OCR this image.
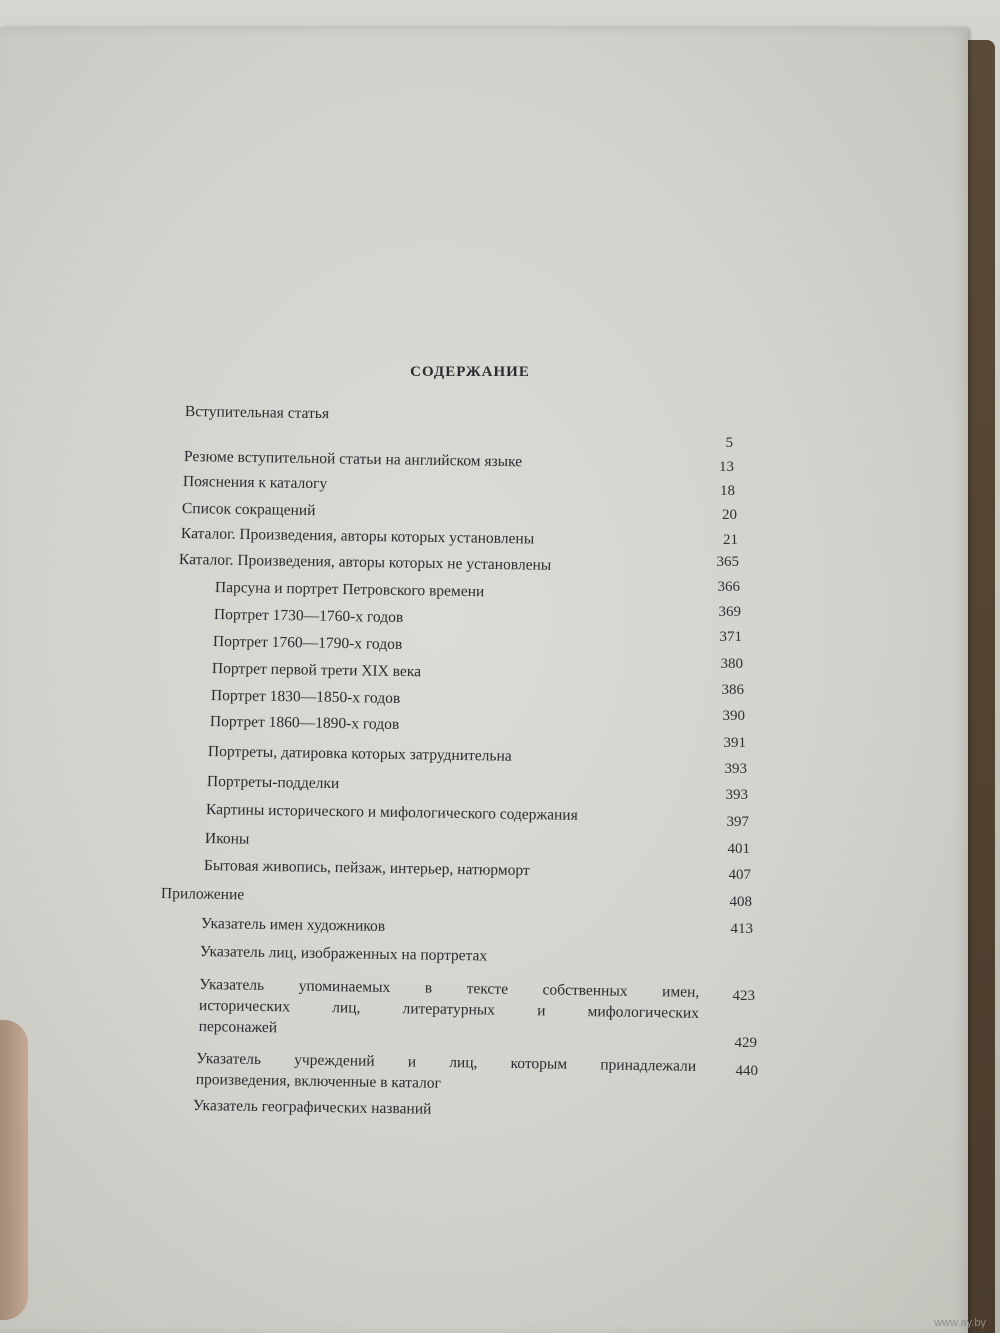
СОДЕРЖАНИЕ
Вступительная статья
Резюме вступительной статьи на английском языке
Пояснения к каталогу
Список сокращений
Каталог. Произведения, авторы которых установлены
Каталог. Произведения, авторы которых не установлены
Парсуна и портрет Петровского времени
Портрет 1730—1760-х годов
Портрет 1760—1790-х годов
Портрет первой трети XIX века
Портрет 1830—1850-х годов
Портрет 1860—1890-х годов
Портреты, датировка которых затруднительна
Портреты-подделки
Картины исторического и мифологического содержания
Иконы
Бытовая живопись, пейзаж, интерьер, натюрморт
Приложение
Указатель имен художников
Указатель лиц, изображенных на портретах
Указатель упоминаемых в тексте собственных имен,
исторических лиц, литературных и мифологических
персонажей
Указатель учреждений и лиц, которым принадлежали
произведения, включенные в каталог
Указатель географических названий
5
13
18
20
21
365
366
369
371
380
386
390
391
393
393
397
401
407
408
413
423
429
440
www.ay.by
